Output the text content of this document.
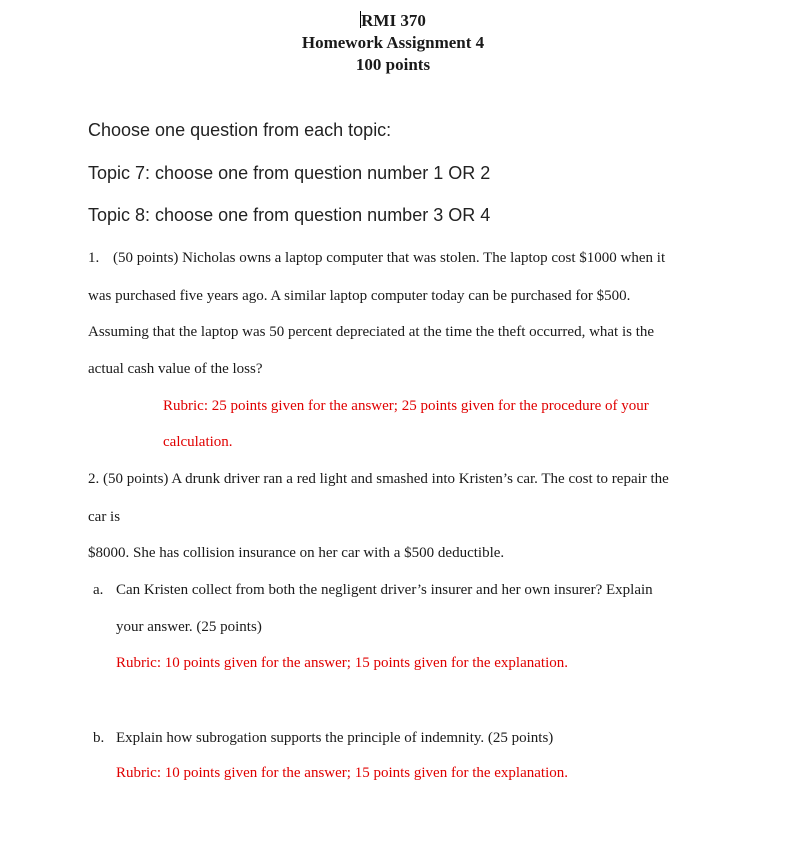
RMI 370
Homework Assignment 4
100 points
Choose one question from each topic:
Topic 7: choose one from question number 1 OR 2
Topic 8: choose one from question number 3 OR 4
1. (50 points) Nicholas owns a laptop computer that was stolen. The laptop cost $1000 when it
was purchased five years ago. A similar laptop computer today can be purchased for $500.
Assuming that the laptop was 50 percent depreciated at the time the theft occurred, what is the
actual cash value of the loss?
Rubric: 25 points given for the answer; 25 points given for the procedure of your
calculation.
2. (50 points) A drunk driver ran a red light and smashed into Kristen’s car. The cost to repair the
car is
$8000. She has collision insurance on her car with a $500 deductible.
a. Can Kristen collect from both the negligent driver’s insurer and her own insurer? Explain
your answer. (25 points)
Rubric: 10 points given for the answer; 15 points given for the explanation.
b. Explain how subrogation supports the principle of indemnity. (25 points)
Rubric: 10 points given for the answer; 15 points given for the explanation.
